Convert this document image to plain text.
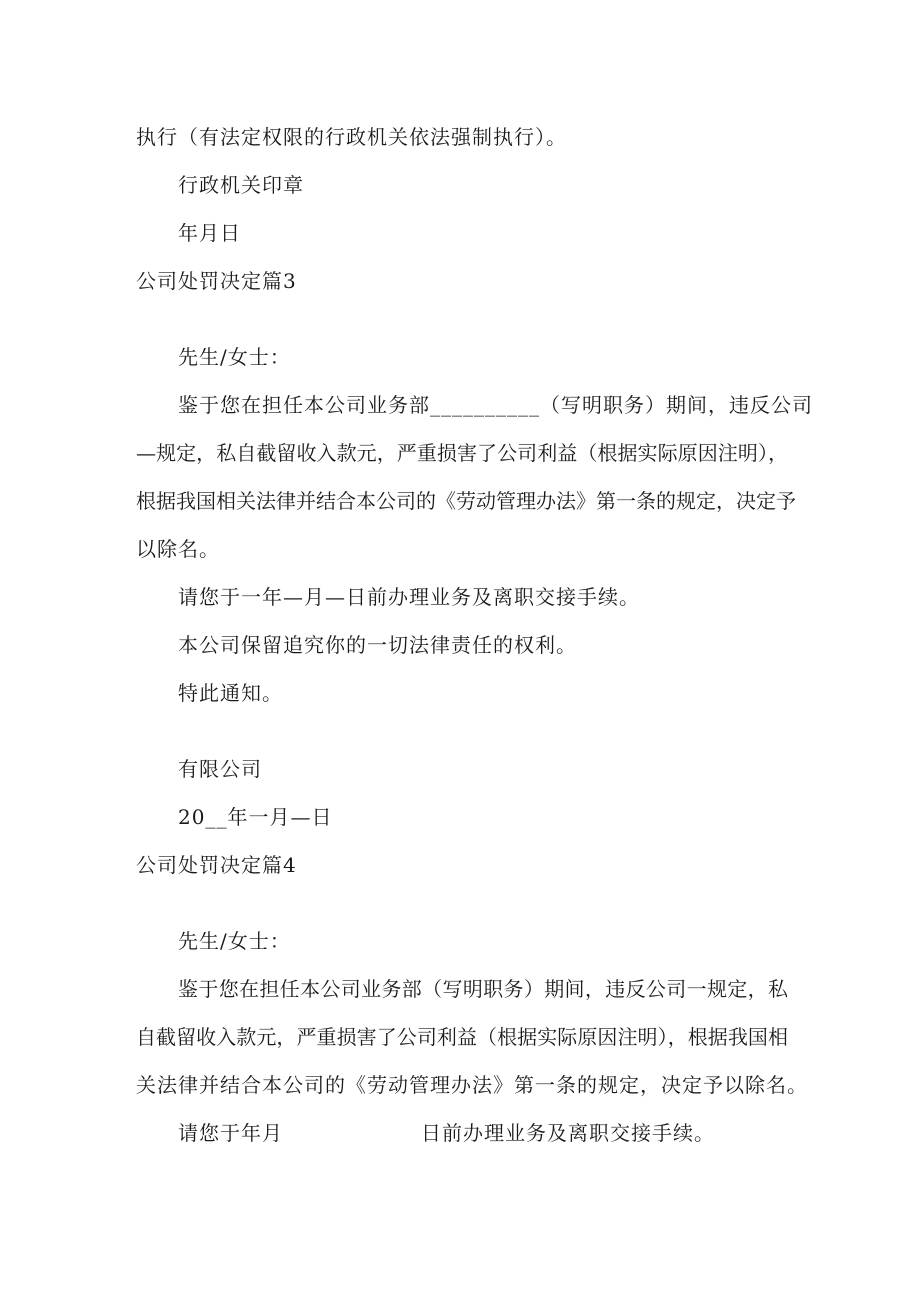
执行（有法定权限的行政机关依法强制执行）。
行政机关印章
年月日
公司处罚决定篇3
先生/女士：
鉴于您在担任本公司业务部__________（写明职务）期间，违反公司
—规定，私自截留收入款元，严重损害了公司利益（根据实际原因注明），
根据我国相关法律并结合本公司的《劳动管理办法》第一条的规定，决定予
以除名。
请您于一年—月—日前办理业务及离职交接手续。
本公司保留追究你的一切法律责任的权利。
特此通知。
有限公司
20__年一月—日
公司处罚决定篇4
先生/女士：
鉴于您在担任本公司业务部（写明职务）期间，违反公司一规定，私
自截留收入款元，严重损害了公司利益（根据实际原因注明），根据我国相
关法律并结合本公司的《劳动管理办法》第一条的规定，决定予以除名。
请您于年月	日前办理业务及离职交接手续。
